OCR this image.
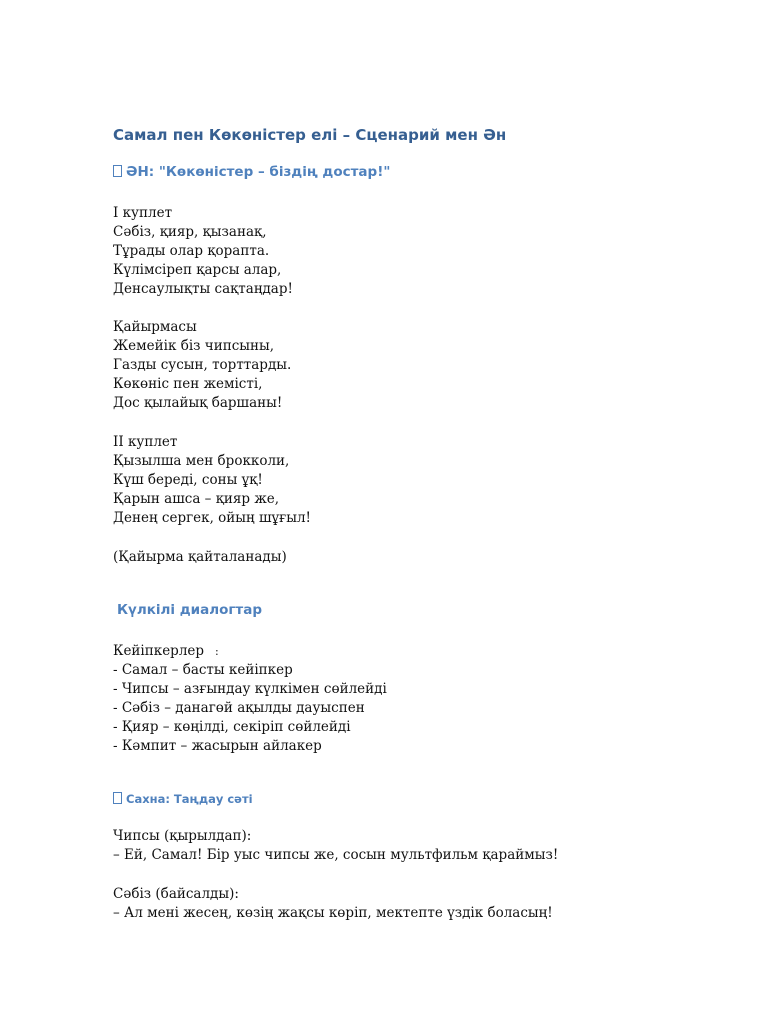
Самал пен Көкөністер елі – Сценарий мен Ән
ӘН: "Көкөністер – біздің достар!"
I куплет
Сәбіз, қияр, қызанақ,
Тұрады олар қорапта.
Күлімсіреп қарсы алар,
Денсаулықты сақтаңдар!
Қайырмасы
Жемейік біз чипсыны,
Газды сусын, торттарды.
Көкөніс пен жемісті,
Дос қылайық баршаны!
II куплет
Қызылша мен брокколи,
Күш береді, соны ұқ!
Қарын ашса – қияр же,
Денең сергек, ойың шұғыл!
(Қайырма қайталанады)
Күлкілі диалогтар
Кейіпкерлер :
- Самал – басты кейіпкер
- Чипсы – азғындау күлкімен сөйлейді
- Сәбіз – данагөй ақылды дауыспен
- Қияр – көңілді, секіріп сөйлейді
- Кәмпит – жасырын айлакер
Сахна: Таңдау сәті
Чипсы (қырылдап):
– Ей, Самал! Бір уыс чипсы же, сосын мультфильм қараймыз!
Сәбіз (байсалды):
– Ал мені жесең, көзің жақсы көріп, мектепте үздік боласың!
